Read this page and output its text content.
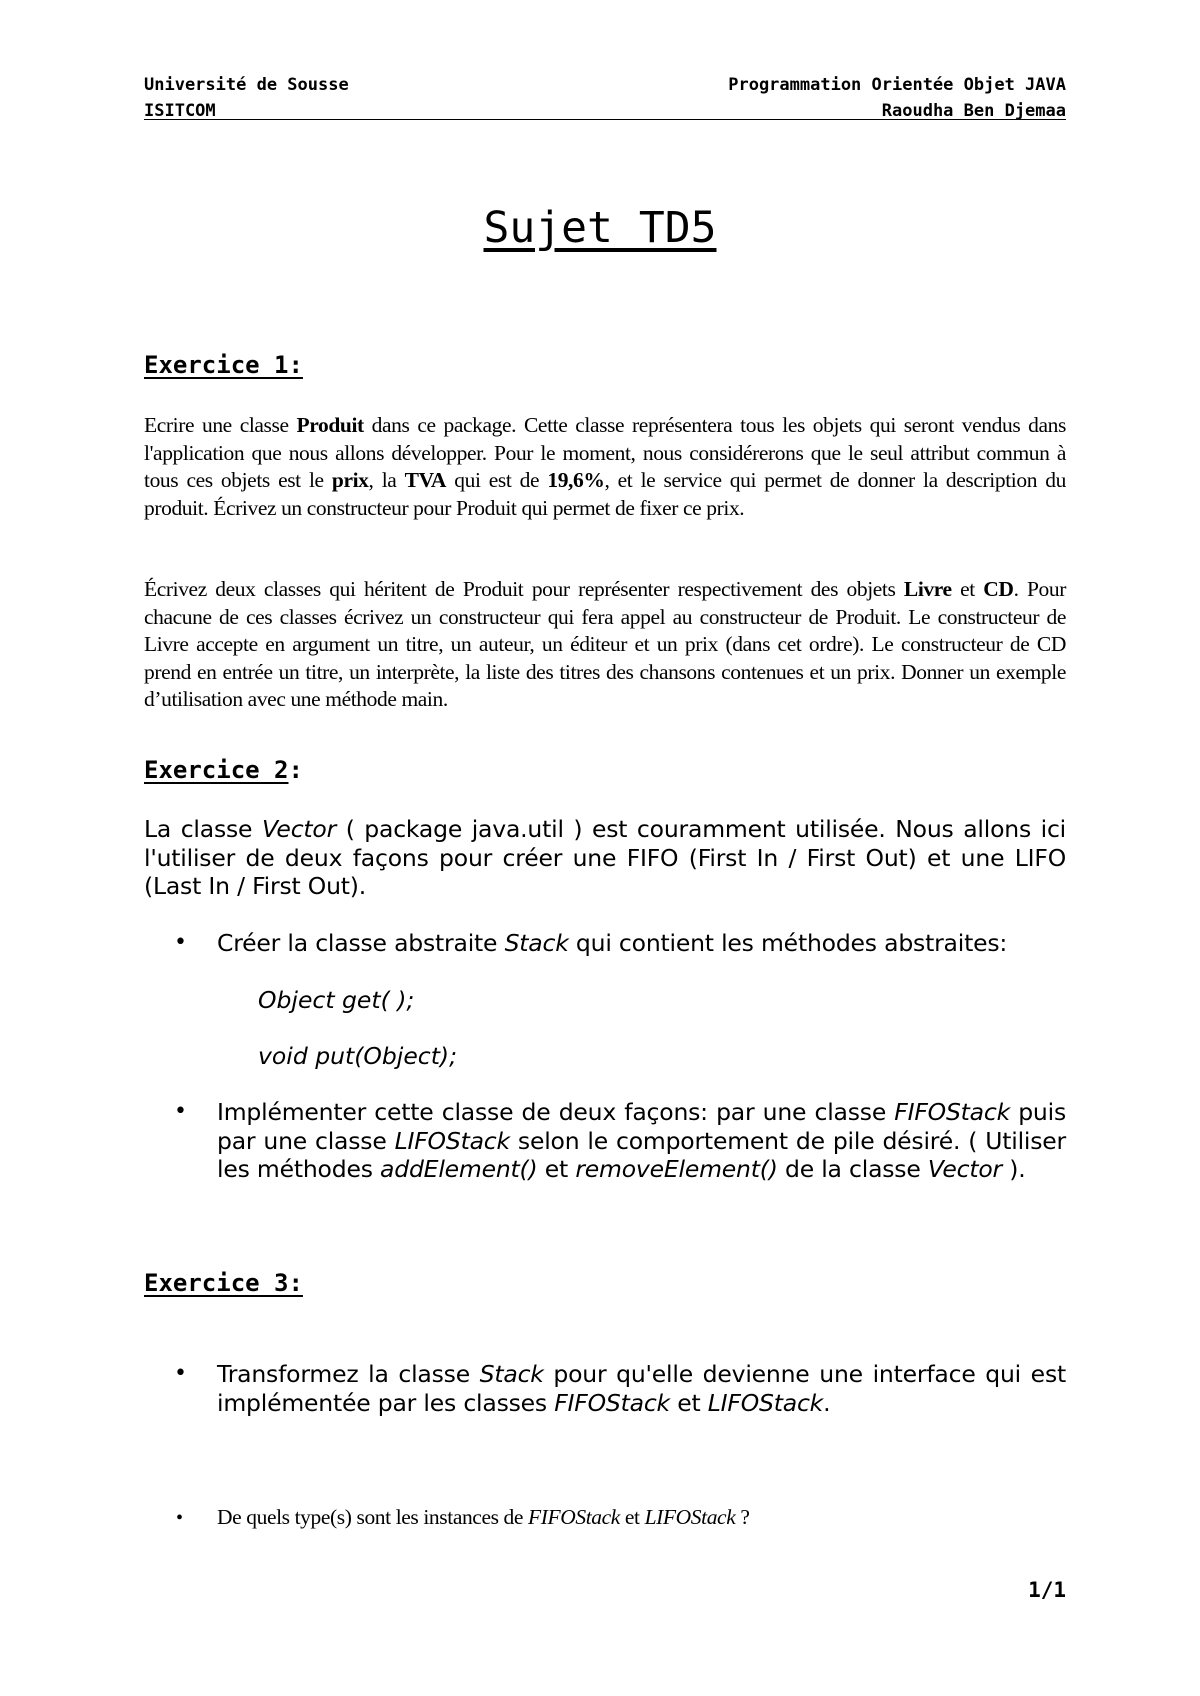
Université de Sousse
ISITCOM
Programmation Orientée Objet JAVA
Raoudha Ben Djemaa
Sujet TD5
Exercice 1:
Ecrire une classe Produit dans ce package. Cette classe représentera tous les objets qui seront vendus dans l'application que nous allons développer. Pour le moment, nous considérerons que le seul attribut commun à tous ces objets est le prix, la TVA qui est de 19,6%, et le service qui permet de donner la description du produit. Écrivez un constructeur pour Produit qui permet de fixer ce prix.
Écrivez deux classes qui héritent de Produit pour représenter respectivement des objets Livre et CD. Pour chacune de ces classes écrivez un constructeur qui fera appel au constructeur de Produit. Le constructeur de Livre accepte en argument un titre, un auteur, un éditeur et un prix (dans cet ordre). Le constructeur de CD prend en entrée un titre, un interprète, la liste des titres des chansons contenues et un prix. Donner un exemple d’utilisation avec une méthode main.
Exercice 2:
La classe Vector ( package java.util ) est couramment utilisée. Nous allons ici l'utiliser de deux façons pour créer une FIFO (First In / First Out) et une LIFO (Last In / First Out).
• Créer la classe abstraite Stack qui contient les méthodes abstraites:
Object get( );
void put(Object);
• Implémenter cette classe de deux façons: par une classe FIFOStack puis par une classe LIFOStack selon le comportement de pile désiré. ( Utiliser les méthodes addElement() et removeElement() de la classe Vector ).
Exercice 3:
• Transformez la classe Stack pour qu'elle devienne une interface qui est implémentée par les classes FIFOStack et LIFOStack.
• De quels type(s) sont les instances de FIFOStack et LIFOStack ?
1/1
